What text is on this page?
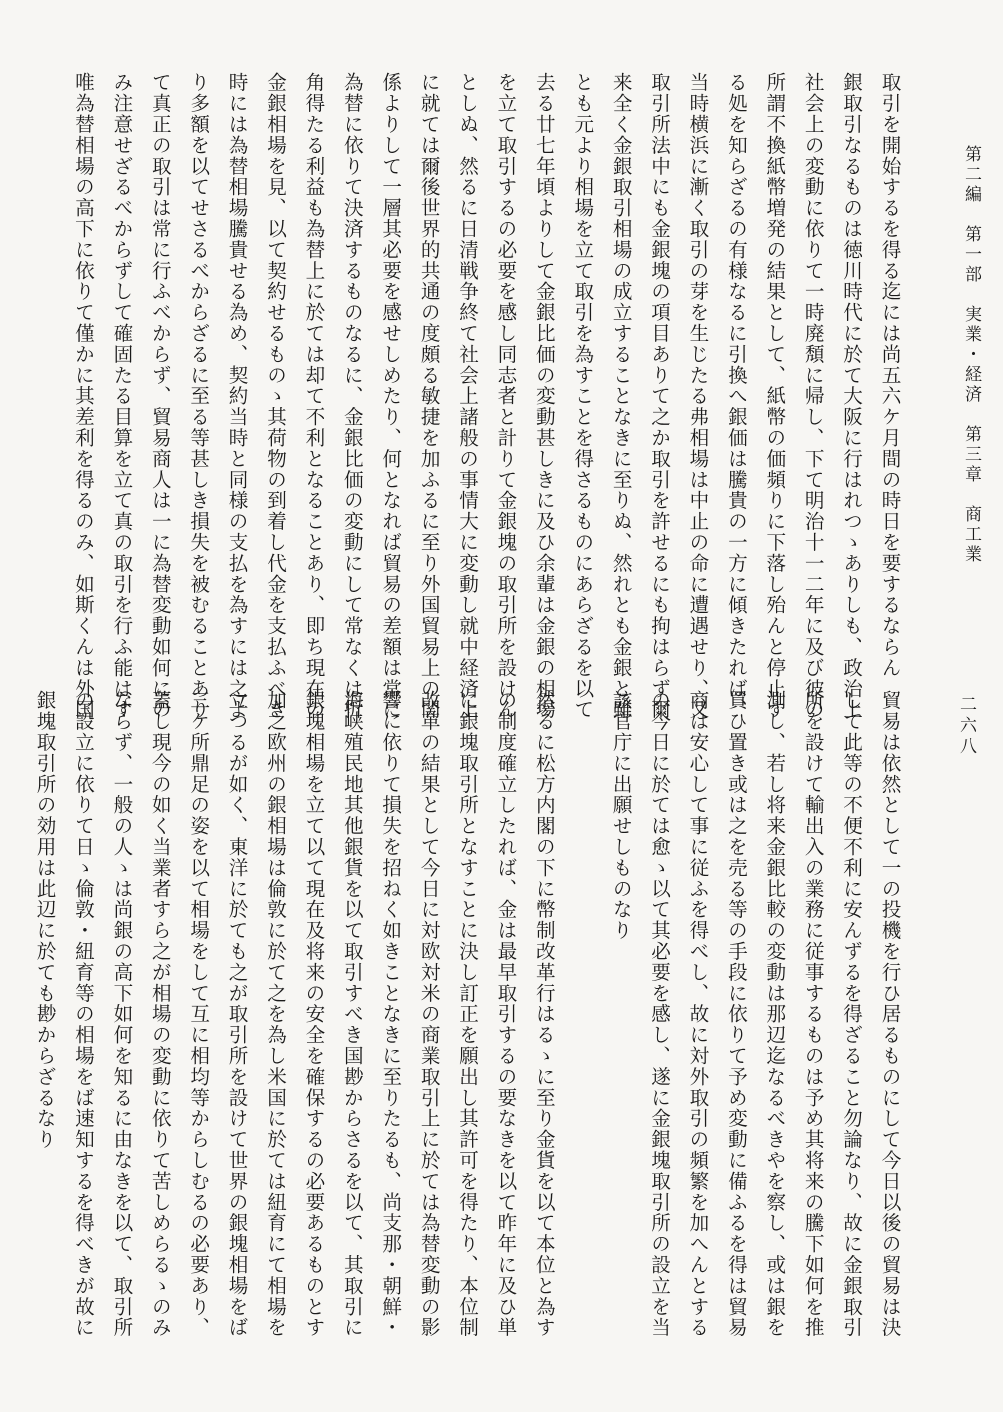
第二編　第一部　実業・経済　第三章　商工業
二六八
取引を開始するを得る迄には尚五六ケ月間の時日を要するならん
銀取引なるものは徳川時代に於て大阪に行はれつゝありしも、政治上
社会上の変動に依りて一時廃頽に帰し、下て明治十一二年に及び彼の
所謂不換紙幣増発の結果として、紙幣の価頻りに下落し殆んと停止す
る処を知らざるの有様なるに引換へ銀価は騰貴の一方に傾きたれば、
当時横浜に漸く取引の芽を生じたる弗相場は中止の命に遭遇せり、又
取引所法中にも金銀塊の項目ありて之か取引を許せるにも拘はらず爾
来全く金銀取引相場の成立することなきに至りぬ、然れとも金銀と雖
とも元より相場を立て取引を為すことを得さるものにあらざるを以て
去る廿七年頃よりして金銀比価の変動甚しきに及ひ余輩は金銀の相場
を立て取引するの必要を感し同志者と計りて金銀塊の取引所を設けん
としぬ、然るに日清戦争終て社会上諸般の事情大に変動し就中経済上
に就ては爾後世界的共通の度頗る敏捷を加ふるに至り外国貿易上の関
係よりして一層其必要を感せしめたり、何となれば貿易の差額は常に
為替に依りて決済するものなるに、金銀比価の変動にして常なくは折
角得たる利益も為替上に於ては却て不利となることあり、即ち現在の
金銀相場を見、以て契約せるものゝ其荷物の到着し代金を支払ふべき
時には為替相場騰貴せる為め、契約当時と同様の支払を為すには之よ
り多額を以てせさるべからざるに至る等甚しき損失を被むることあり
て真正の取引は常に行ふべからず、貿易商人は一に為替変動如何にの
み注意せざるべからずして確固たる目算を立て真の取引を行ふ能はす
唯為替相場の高下に依りて僅かに其差利を得るのみ、如斯くんは外国
貿易は依然として一の投機を行ひ居るものにして今日以後の貿易は決
して此等の不便不利に安んずるを得ざること勿論なり、故に金銀取引
所を設けて輸出入の業務に従事するものは予め其将来の騰下如何を推
測し、若し将来金銀比較の変動は那辺迄なるべきやを察し、或は銀を
買ひ置き或は之を売る等の手段に依りて予め変動に備ふるを得は貿易
商は安心して事に従ふを得べし、故に対外取引の頻繁を加へんとする
の今日に於ては愈ゝ以て其必要を感し、遂に金銀塊取引所の設立を当
該官庁に出願せしものなり
然るに松方内閣の下に幣制改革行はるゝに至り金貨を以て本位と為す
の制度確立したれば、金は最早取引するの要なきを以て昨年に及ひ単
に銀塊取引所となすことに決し訂正を願出し其許可を得たり、本位制
改革の結果として今日に対欧対米の商業取引上に於ては為替変動の影
響に依りて損失を招ねく如きことなきに至りたるも、尚支那・朝鮮・
海峡殖民地其他銀貨を以て取引すべき国尠からさるを以て、其取引に
銀塊相場を立て以て現在及将来の安全を確保するの必要あるものとす
加之欧州の銀相場は倫敦に於て之を為し米国に於ては紐育にて相場を
立つるが如く、東洋に於ても之が取引所を設けて世界の銀塊相場をば
三ケ所鼎足の姿を以て相場をして互に相均等からしむるの必要あり、
蓋し現今の如く当業者すら之が相場の変動に依りて苦しめらるゝのみ
ならず、一般の人ゝは尚銀の高下如何を知るに由なきを以て、取引所
の設立に依りて日ゝ倫敦・紐育等の相場をば速知するを得べきが故に
銀塊取引所の効用は此辺に於ても尠からざるなり
